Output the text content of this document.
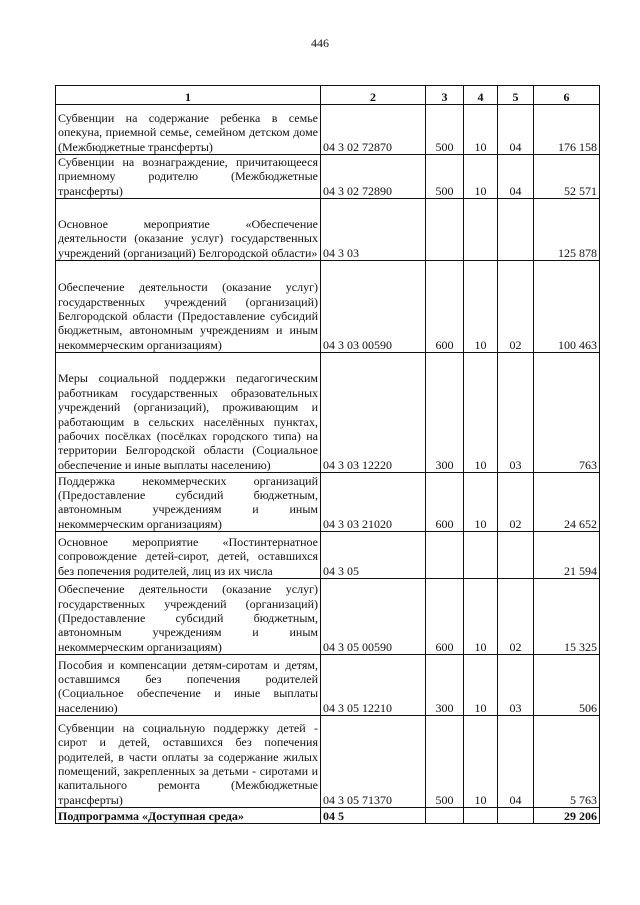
446
1	2	3	4	5	6
Субвенции на содержание ребенка в семье опекуна, приемной семье, семейном детском доме (Межбюджетные трансферты)	04 3 02 72870	500	10	04	176 158
Субвенции на вознаграждение, причитающееся приемному родителю (Межбюджетные трансферты)	04 3 02 72890	500	10	04	52 571
Основное мероприятие «Обеспечение деятельности (оказание услуг) государственных учреждений (организаций) Белгородской области»	04 3 03				125 878
Обеспечение деятельности (оказание услуг) государственных учреждений (организаций) Белгородской области (Предоставление субсидий бюджетным, автономным учреждениям и иным некоммерческим организациям)	04 3 03 00590	600	10	02	100 463
Меры социальной поддержки педагогическим работникам государственных образовательных учреждений (организаций), проживающим и работающим в сельских населённых пунктах, рабочих посёлках (посёлках городского типа) на территории Белгородской области (Социальное обеспечение и иные выплаты населению)	04 3 03 12220	300	10	03	763
Поддержка некоммерческих организаций (Предоставление субсидий бюджетным, автономным учреждениям и иным некоммерческим организациям)	04 3 03 21020	600	10	02	24 652
Основное мероприятие «Постинтернатное сопровождение детей-сирот, детей, оставшихся без попечения родителей, лиц из их числа	04 3 05				21 594
Обеспечение деятельности (оказание услуг) государственных учреждений (организаций) (Предоставление субсидий бюджетным, автономным учреждениям и иным некоммерческим организациям)	04 3 05 00590	600	10	02	15 325
Пособия и компенсации детям-сиротам и детям, оставшимся без попечения родителей (Социальное обеспечение и иные выплаты населению)	04 3 05 12210	300	10	03	506
Субвенции на социальную поддержку детей - сирот и детей, оставшихся без попечения родителей, в части оплаты за содержание жилых помещений, закрепленных за детьми - сиротами и капитального ремонта (Межбюджетные трансферты)	04 3 05 71370	500	10	04	5 763
Подпрограмма «Доступная среда»	04 5				29 206
